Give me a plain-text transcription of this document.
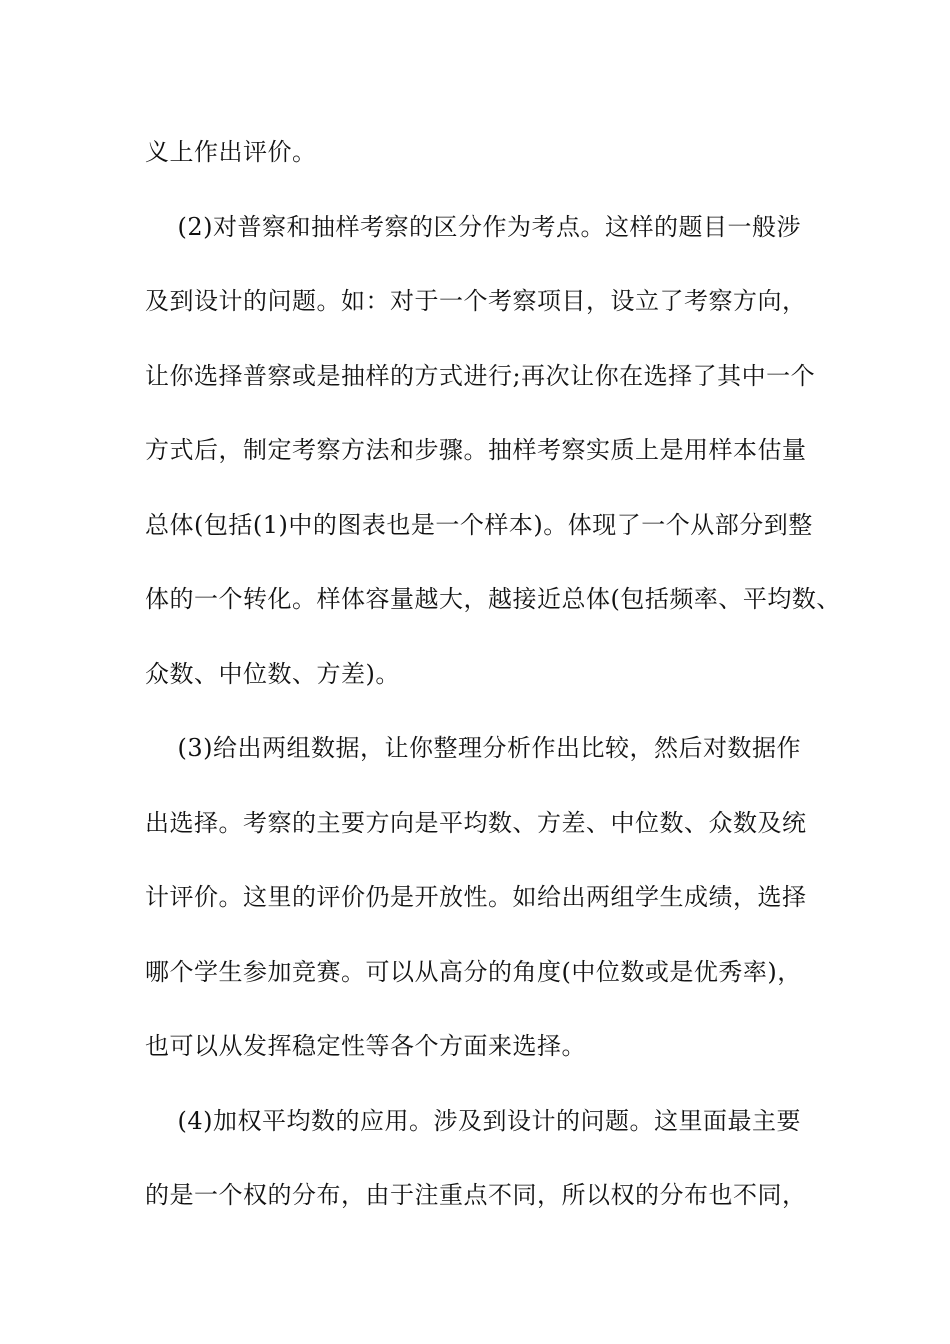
义上作出评价。
(2)对普察和抽样考察的区分作为考点。这样的题目一般涉
及到设计的问题。如：对于一个考察项目，设立了考察方向，
让你选择普察或是抽样的方式进行;再次让你在选择了其中一个
方式后，制定考察方法和步骤。抽样考察实质上是用样本估量
总体(包括(1)中的图表也是一个样本)。体现了一个从部分到整
体的一个转化。样体容量越大，越接近总体(包括频率、平均数、
众数、中位数、方差)。
(3)给出两组数据，让你整理分析作出比较，然后对数据作
出选择。考察的主要方向是平均数、方差、中位数、众数及统
计评价。这里的评价仍是开放性。如给出两组学生成绩，选择
哪个学生参加竞赛。可以从高分的角度(中位数或是优秀率)，
也可以从发挥稳定性等各个方面来选择。
(4)加权平均数的应用。涉及到设计的问题。这里面最主要
的是一个权的分布，由于注重点不同，所以权的分布也不同，
